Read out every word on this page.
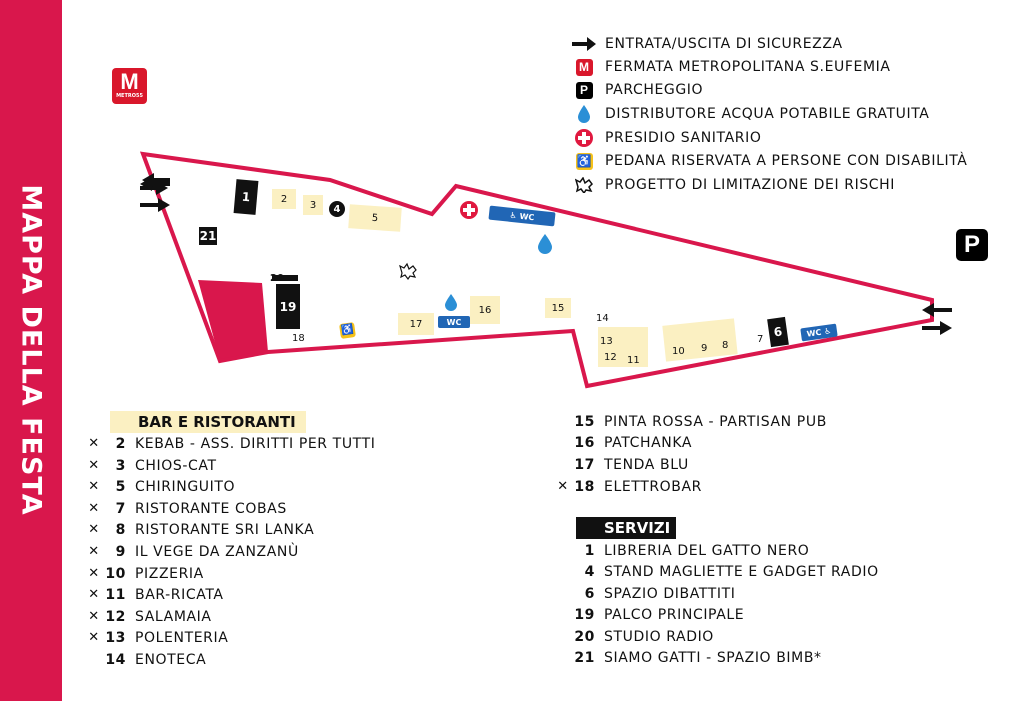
MAPPA DELLA FESTA
M
METRO55
ENTRATA/USCITA DI SICUREZZA
M FERMATA METROPOLITANA S.EUFEMIA
P	PARCHEGGIO
DISTRIBUTORE ACQUA POTABILE GRATUITA
PRESIDIO SANITARIO
♿ PEDANA RISERVATA A PERSONE CON DISABILITÀ
PROGETTO DI LIMITAZIONE DEI RISCHI
1	2
3	4
5
21
♿ WC
20
19
18
♿
17	WC
16	15
14
13
12 11
10 9 8
7 6	WC
♿
P
BAR E RISTORANTI
✕	2 KEBAB - ASS. DIRITTI PER TUTTI
✕	3 CHIOS-CAT
✕	5 CHIRINGUITO
✕	7 RISTORANTE COBAS
✕	8 RISTORANTE SRI LANKA
✕	9 IL VEGE DA ZANZANÙ
✕ 10 PIZZERIA
✕ 11 BAR-RICATA
✕ 12 SALAMAIA
✕ 13 POLENTERIA
14 ENOTECA
15 PINTA ROSSA - PARTISAN PUB
16 PATCHANKA
17 TENDA BLU
✕ 18 ELETTROBAR
SERVIZI
1 LIBRERIA DEL GATTO NERO
4 STAND MAGLIETTE E GADGET RADIO
6 SPAZIO DIBATTITI
19 PALCO PRINCIPALE
20 STUDIO RADIO
21 SIAMO GATTI - SPAZIO BIMB*
